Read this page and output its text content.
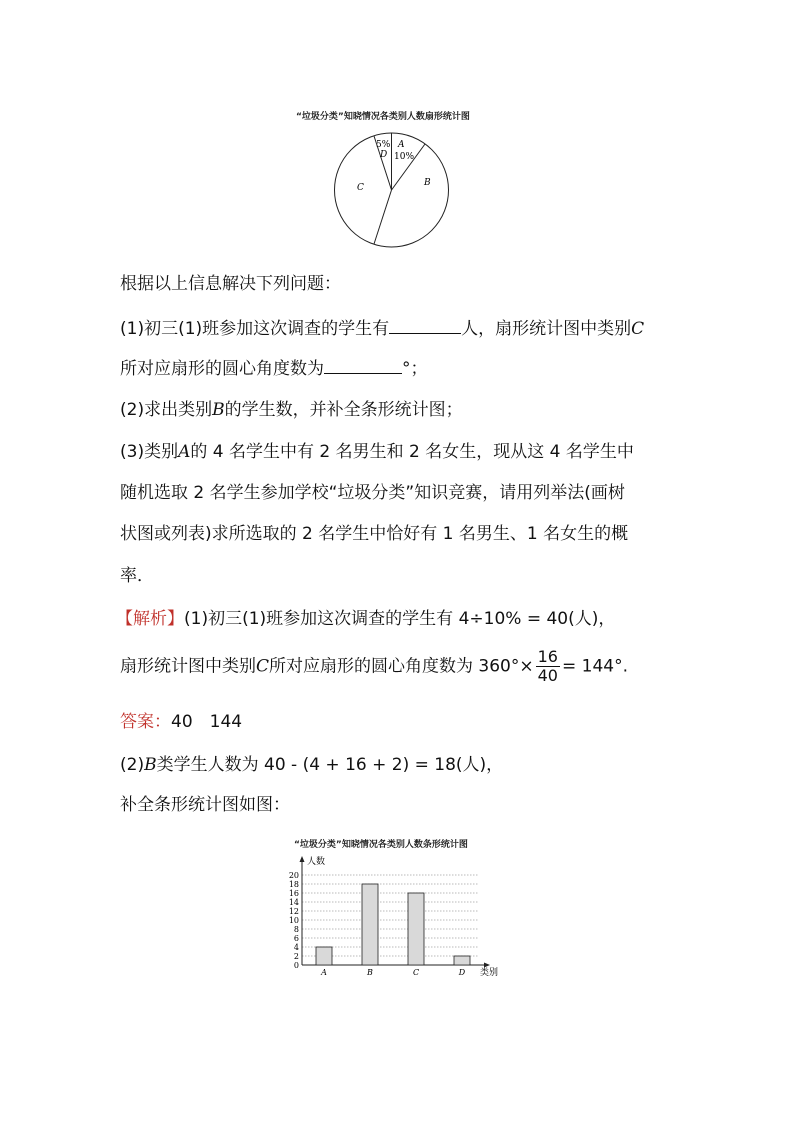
“垃圾分类”知晓情况各类别人数扇形统计图
5%
D
A
10%
B
C
根据以上信息解决下列问题：
(1)初三(1)班参加这次调查的学生有	人，扇形统计图中类别C
所对应扇形的圆心角度数为	°；
(2)求出类别B的学生数，并补全条形统计图；
(3)类别A的 4 名学生中有 2 名男生和 2 名女生，现从这 4 名学生中
随机选取 2 名学生参加学校“垃圾分类”知识竞赛，请用列举法(画树
状图或列表)求所选取的 2 名学生中恰好有 1 名男生、1 名女生的概
率．
【解析】(1)初三(1)班参加这次调查的学生有 4÷10% = 40(人)，
扇形统计图中类别C所对应扇形的圆心角度数为 $360^\circ\times \frac{16}{40} = 144^\circ$.
答案：40　144
(2)B类学生人数为 40 - (4 + 16 + 2) = 18(人)，
补全条形统计图如图：
“垃圾分类”知晓情况各类别人数条形统计图
0
2
4
6
8
10
12
14
16
18
20
人数
类别
A	B	C	D
